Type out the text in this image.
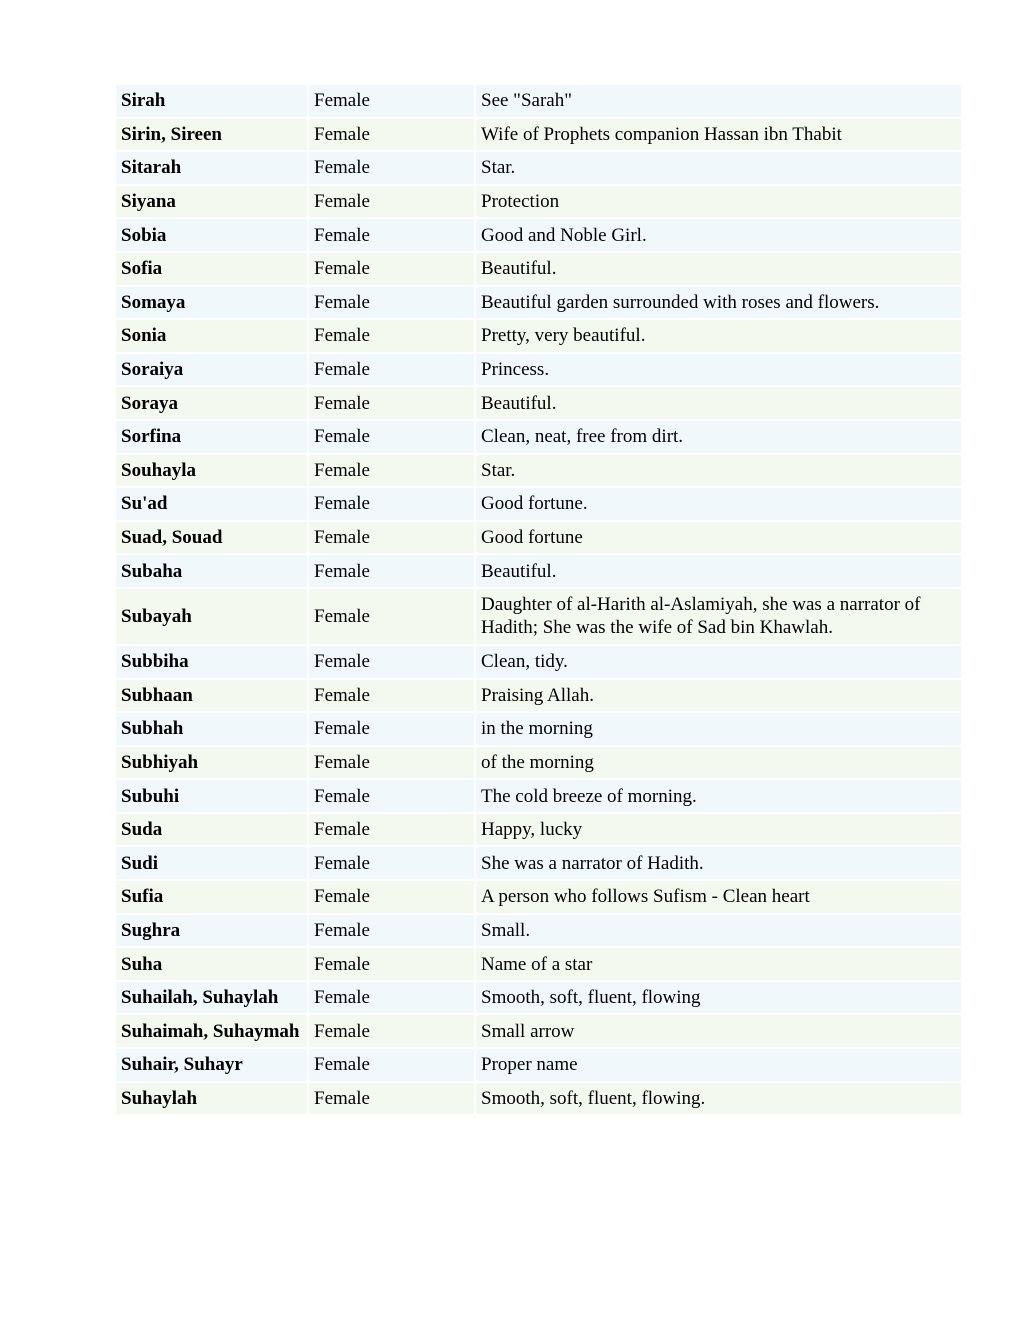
Sirah	Female	See "Sarah"
Sirin, Sireen	Female	Wife of Prophets companion Hassan ibn Thabit
Sitarah	Female	Star.
Siyana	Female	Protection
Sobia	Female	Good and Noble Girl.
Sofia	Female	Beautiful.
Somaya	Female	Beautiful garden surrounded with roses and flowers.
Sonia	Female	Pretty, very beautiful.
Soraiya	Female	Princess.
Soraya	Female	Beautiful.
Sorfina	Female	Clean, neat, free from dirt.
Souhayla	Female	Star.
Su'ad	Female	Good fortune.
Suad, Souad	Female	Good fortune
Subaha	Female	Beautiful.
Subayah	Female	Daughter of al-Harith al-Aslamiyah, she was a narrator of Hadith; She was the wife of Sad bin Khawlah.
Subbiha	Female	Clean, tidy.
Subhaan	Female	Praising Allah.
Subhah	Female	in the morning
Subhiyah	Female	of the morning
Subuhi	Female	The cold breeze of morning.
Suda	Female	Happy, lucky
Sudi	Female	She was a narrator of Hadith.
Sufia	Female	A person who follows Sufism - Clean heart
Sughra	Female	Small.
Suha	Female	Name of a star
Suhailah, Suhaylah	Female	Smooth, soft, fluent, flowing
Suhaimah, Suhaymah	Female	Small arrow
Suhair, Suhayr	Female	Proper name
Suhaylah	Female	Smooth, soft, fluent, flowing.
